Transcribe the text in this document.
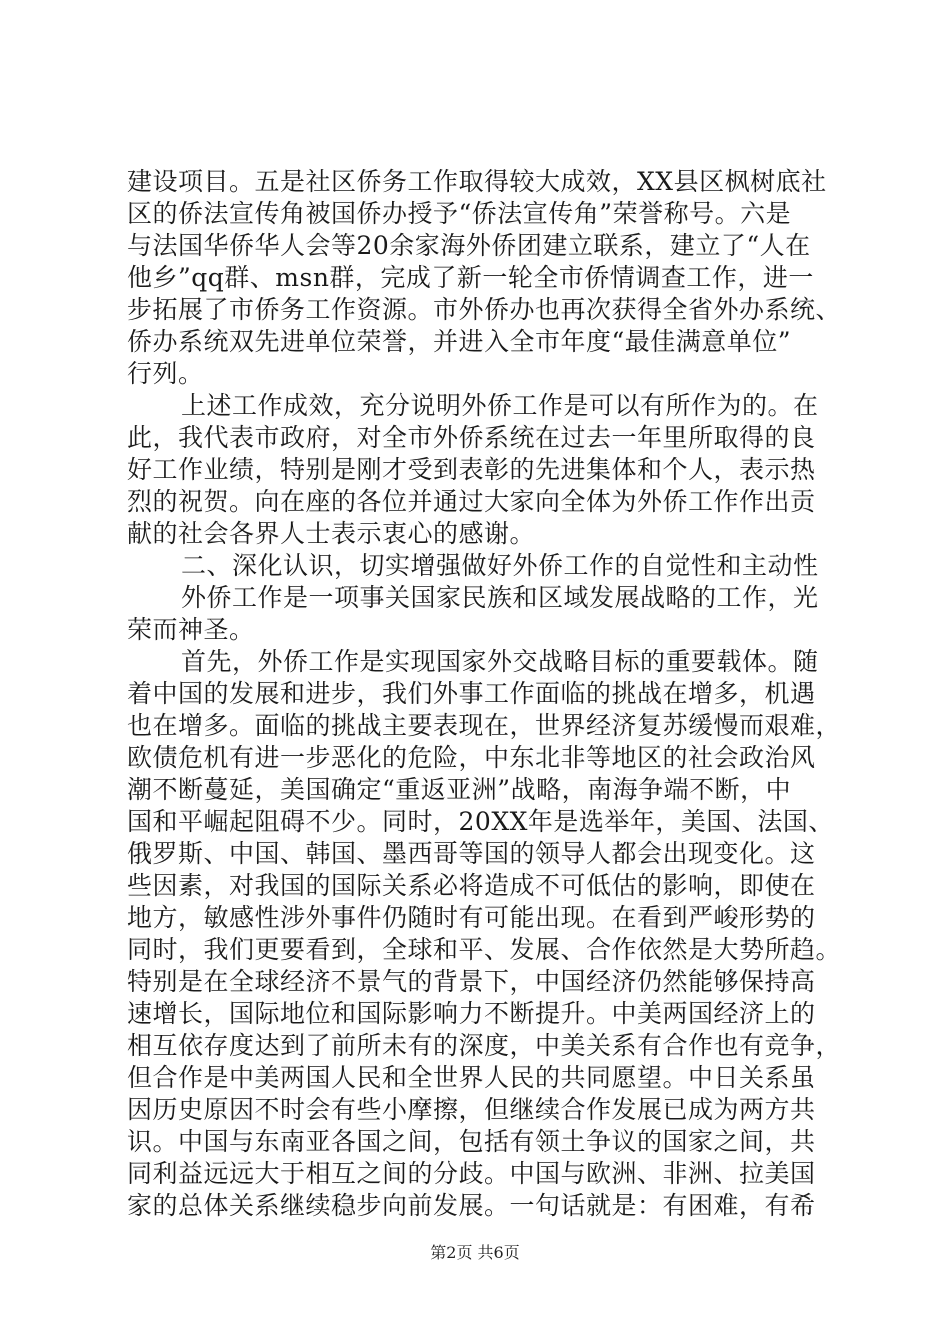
建设项目。五是社区侨务工作取得较大成效，XX县区枫树底社
区的侨法宣传角被国侨办授予“侨法宣传角”荣誉称号。六是
与法国华侨华人会等20余家海外侨团建立联系，建立了“人在
他乡”qq群、msn群，完成了新一轮全市侨情调查工作，进一
步拓展了市侨务工作资源。市外侨办也再次获得全省外办系统、
侨办系统双先进单位荣誉，并进入全市年度“最佳满意单位”
行列。
上述工作成效，充分说明外侨工作是可以有所作为的。在
此，我代表市政府，对全市外侨系统在过去一年里所取得的良
好工作业绩，特别是刚才受到表彰的先进集体和个人，表示热
烈的祝贺。向在座的各位并通过大家向全体为外侨工作作出贡
献的社会各界人士表示衷心的感谢。
二、深化认识，切实增强做好外侨工作的自觉性和主动性
外侨工作是一项事关国家民族和区域发展战略的工作，光
荣而神圣。
首先，外侨工作是实现国家外交战略目标的重要载体。随
着中国的发展和进步，我们外事工作面临的挑战在增多，机遇
也在增多。面临的挑战主要表现在，世界经济复苏缓慢而艰难，
欧债危机有进一步恶化的危险，中东北非等地区的社会政治风
潮不断蔓延，美国确定“重返亚洲”战略，南海争端不断，中
国和平崛起阻碍不少。同时，20XX年是选举年，美国、法国、
俄罗斯、中国、韩国、墨西哥等国的领导人都会出现变化。这
些因素，对我国的国际关系必将造成不可低估的影响，即使在
地方，敏感性涉外事件仍随时有可能出现。在看到严峻形势的
同时，我们更要看到，全球和平、发展、合作依然是大势所趋。
特别是在全球经济不景气的背景下，中国经济仍然能够保持高
速增长，国际地位和国际影响力不断提升。中美两国经济上的
相互依存度达到了前所未有的深度，中美关系有合作也有竞争，
但合作是中美两国人民和全世界人民的共同愿望。中日关系虽
因历史原因不时会有些小摩擦，但继续合作发展已成为两方共
识。中国与东南亚各国之间，包括有领土争议的国家之间，共
同利益远远大于相互之间的分歧。中国与欧洲、非洲、拉美国
家的总体关系继续稳步向前发展。一句话就是：有困难，有希
第2页 共6页
